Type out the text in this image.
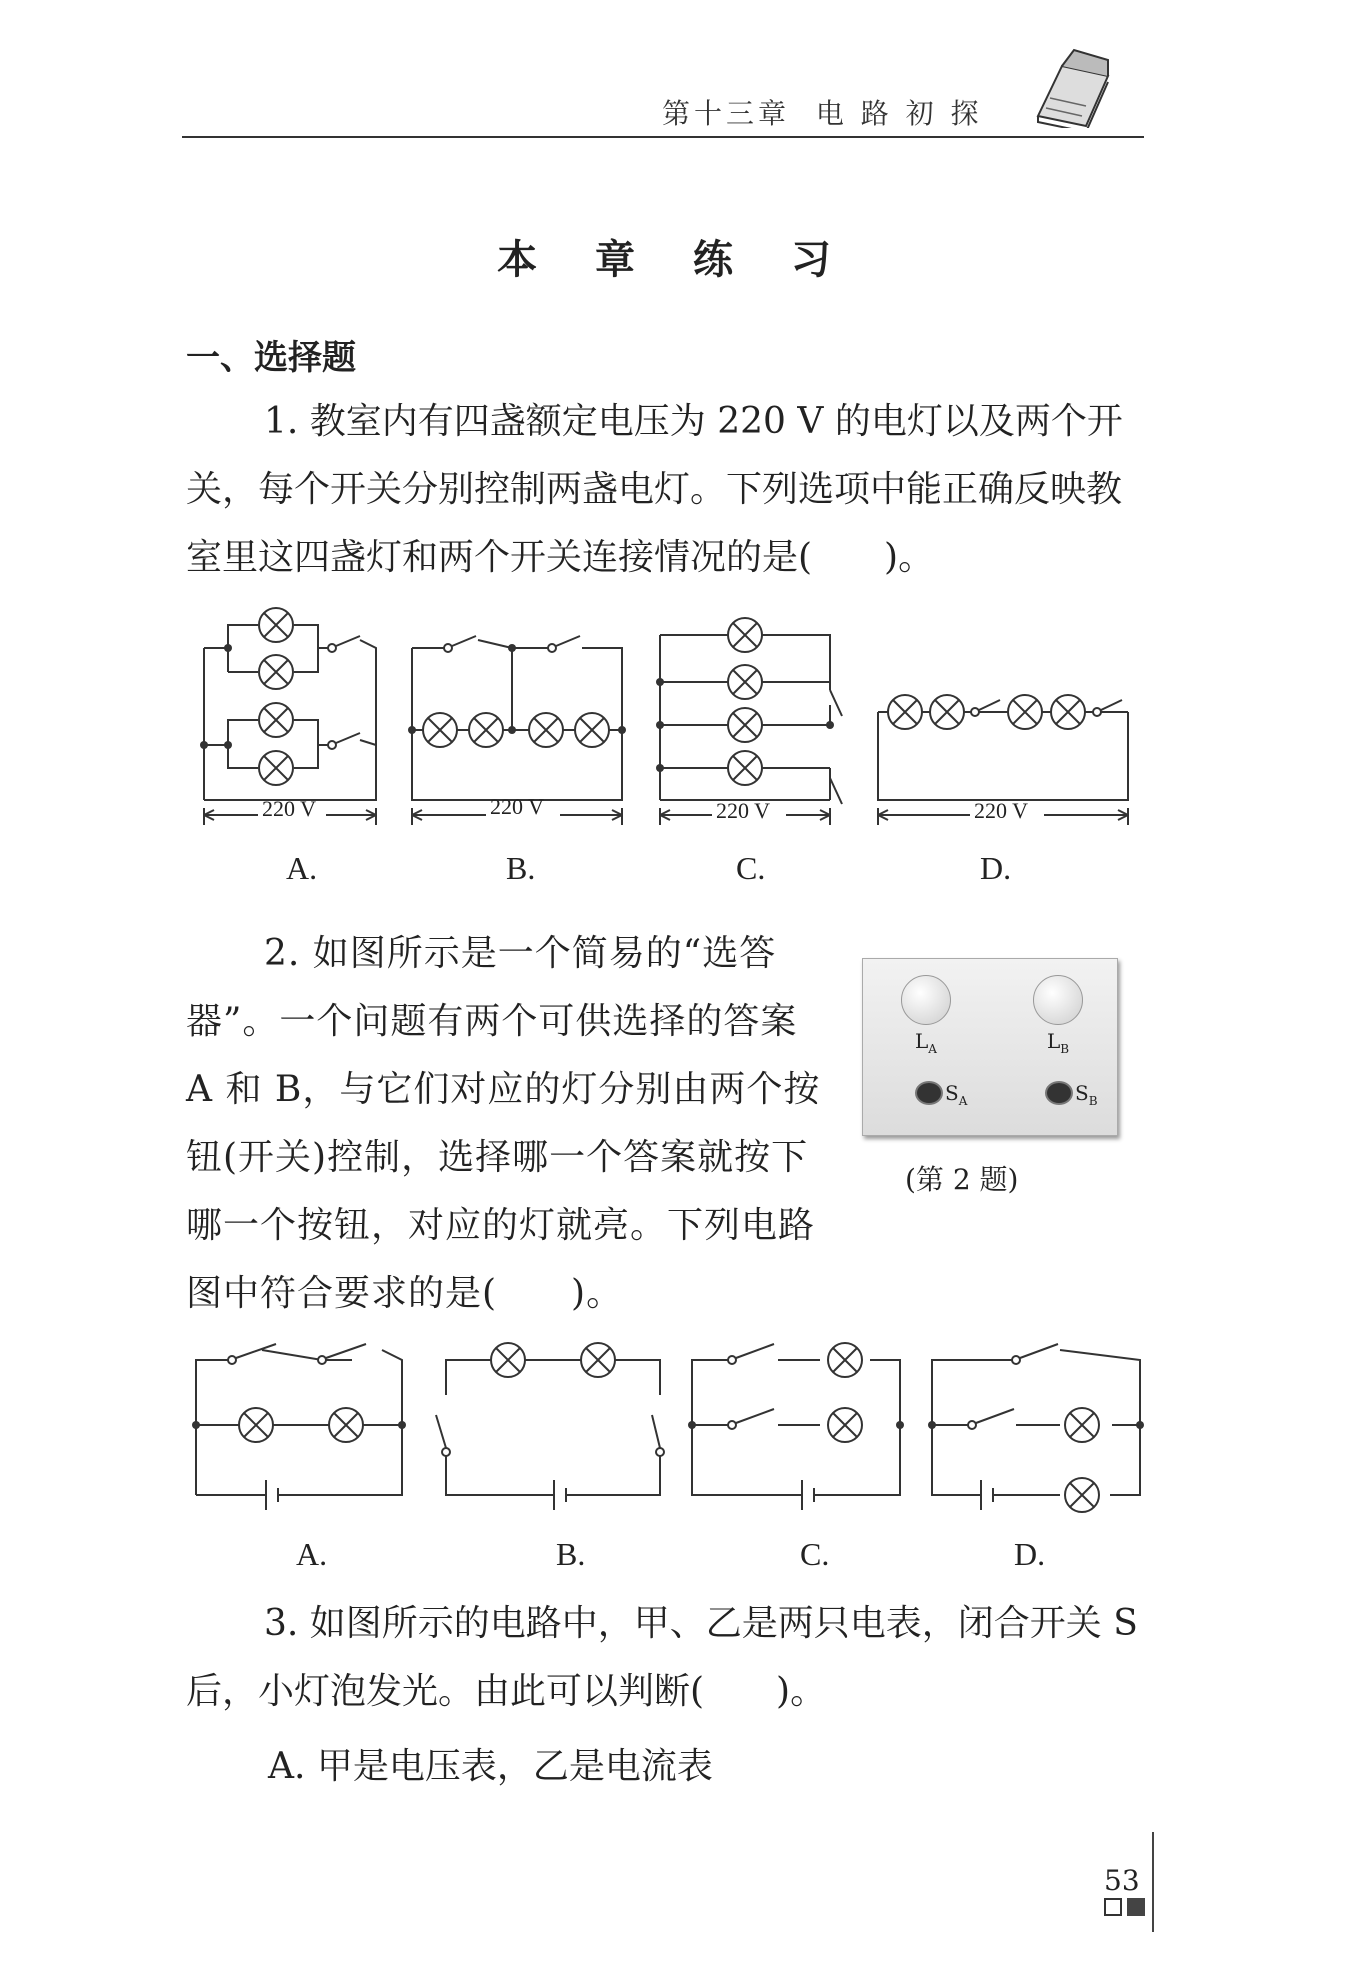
第十三章 电 路 初 探
本 章 练 习
一、选择题
1. 教室内有四盏额定电压为 220 V 的电灯以及两个开关，每个开关分别控制两盏电灯。下列选项中能正确反映教室里这四盏灯和两个开关连接情况的是(　　)。
2. 如图所示是一个简易的“选答器”。一个问题有两个可供选择的答案 A 和 B，与它们对应的灯分别由两个按钮(开关)控制，选择哪一个答案就按下哪一个按钮，对应的灯就亮。下列电路图中符合要求的是(　　)。
$L_A$	$L_B$
$S_A$	$S_B$
(第 2 题)
3. 如图所示的电路中，甲、乙是两只电表，闭合开关 S 后，小灯泡发光。由此可以判断(　　)。
A. 甲是电压表，乙是电流表
220 V	220 V	220 V	220 V
A.	B.	C.	D.
A.	B.	C.	D.
53
